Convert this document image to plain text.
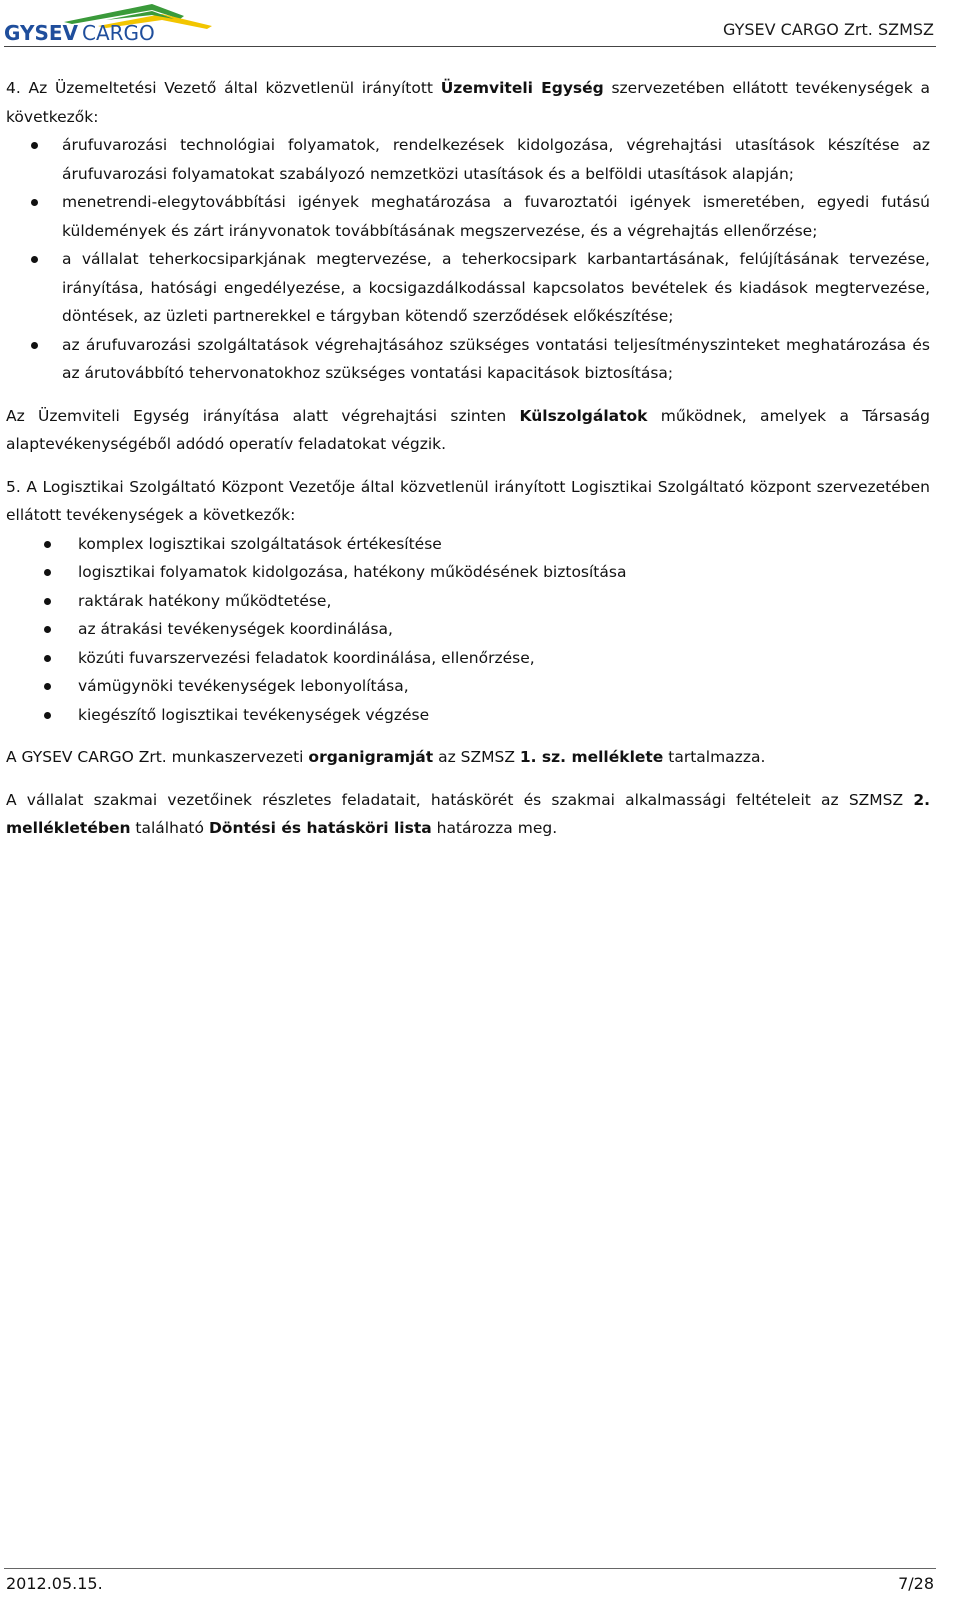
GYSEV CARGO	GYSEV CARGO Zrt. SZMSZ

4. Az Üzemeltetési Vezető által közvetlenül irányított Üzemviteli Egység szervezetében ellátott tevékenységek a következők:

árufuvarozási technológiai folyamatok, rendelkezések kidolgozása, végrehajtási utasítások készítése az árufuvarozási folyamatokat szabályozó nemzetközi utasítások és a belföldi utasítások alapján;
menetrendi-elegytovábbítási igények meghatározása a fuvaroztatói igények ismeretében, egyedi futású küldemények és zárt irányvonatok továbbításának megszervezése, és a végrehajtás ellenőrzése;
a vállalat teherkocsiparkjának megtervezése, a teherkocsipark karbantartásának, felújításának tervezése, irányítása, hatósági engedélyezése, a kocsigazdálkodással kapcsolatos bevételek és kiadások megtervezése, döntések, az üzleti partnerekkel e tárgyban kötendő szerződések előkészítése;
az árufuvarozási szolgáltatások végrehajtásához szükséges vontatási teljesítményszinteket meghatározása és az árutovábbító tehervonatokhoz szükséges vontatási kapacitások biztosítása;

Az Üzemviteli Egység irányítása alatt végrehajtási szinten Külszolgálatok működnek, amelyek a Társaság alaptevékenységéből adódó operatív feladatokat végzik.

5. A Logisztikai Szolgáltató Központ Vezetője által közvetlenül irányított Logisztikai Szolgáltató központ szervezetében ellátott tevékenységek a következők:

komplex logisztikai szolgáltatások értékesítése
logisztikai folyamatok kidolgozása, hatékony működésének biztosítása
raktárak hatékony működtetése,
az átrakási tevékenységek koordinálása,
közúti fuvarszervezési feladatok koordinálása, ellenőrzése,
vámügynöki tevékenységek lebonyolítása,
kiegészítő logisztikai tevékenységek végzése

A GYSEV CARGO Zrt. munkaszervezeti organigramját az SZMSZ 1. sz. melléklete tartalmazza.

A vállalat szakmai vezetőinek részletes feladatait, hatáskörét és szakmai alkalmassági feltételeit az SZMSZ 2. mellékletében található Döntési és hatásköri lista határozza meg.

2012.05.15.	7/28
